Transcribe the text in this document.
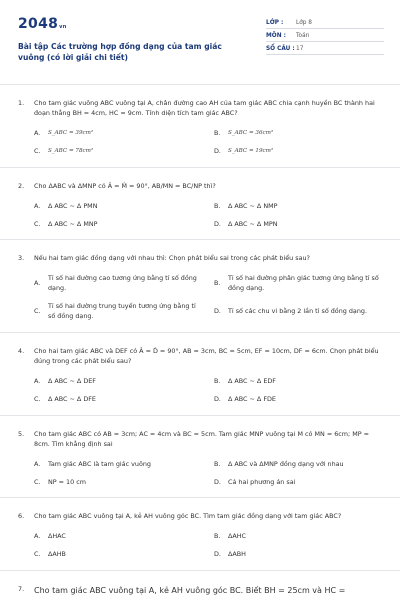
2048vn
Bài tập Các trường hợp đồng dạng của tam giác vuông (có lời giải chi tiết)
LỚP :	Lớp 8
MÔN :	Toán
SỐ CÂU : 17
1.	Cho tam giác vuông ABC vuông tại A, chân đường cao AH của tam giác ABC chia cạnh huyền BC thành hai đoạn thẳng BH = 4cm, HC = 9cm. Tính diện tích tam giác ABC?
A.	S_ABC = 39cm²	B.	S_ABC = 36cm²
C.	S_ABC = 78cm²	D.	S_ABC = 19cm²
2.	Cho ΔABC và ΔMNP có Â = M̂ = 90°, AB/MN = BC/NP thì?
A.	Δ ABC ~ Δ PMN	B.	Δ ABC ~ Δ NMP
C.	Δ ABC ~ Δ MNP	D.	Δ ABC ~ Δ MPN
3.	Nếu hai tam giác đồng dạng với nhau thì: Chọn phát biểu sai trong các phát biểu sau?
A.
Tỉ số hai đường cao tương ứng bằng tỉ số đồng dạng.
B.
Tỉ số hai đường phân giác tương ứng bằng tỉ số đồng dạng.
C.
Tỉ số hai đường trung tuyến tương ứng bằng tỉ số đồng dạng.
D.	Tỉ số các chu vi bằng 2 lần tỉ số đồng dạng.
4.	Cho hai tam giác ABC và DEF có Â = D̂ = 90°, AB = 3cm, BC = 5cm, EF = 10cm, DF = 6cm. Chọn phát biểu đúng trong các phát biểu sau?
A.	Δ ABC ~ Δ DEF	B.	Δ ABC ~ Δ EDF
C.	Δ ABC ~ Δ DFE	D.	Δ ABC ~ Δ FDE
5.	Cho tam giác ABC có AB = 3cm; AC = 4cm và BC = 5cm. Tam giác MNP vuông tại M có MN = 6cm; MP = 8cm. Tìm khẳng định sai
A.	Tam giác ABC là tam giác vuông	B.	Δ ABC và ΔMNP đồng dạng với nhau
C.	NP = 10 cm	D.	Cả hai phương án sai
6.	Cho tam giác ABC vuông tại A, kẻ AH vuông góc BC. Tìm tam giác đồng dạng với tam giác ABC?
A.	ΔHAC	B.	ΔAHC
C.	ΔAHB	D.	ΔABH
7.	Cho tam giác ABC vuông tại A, kẻ AH vuông góc BC. Biết BH = 25cm và HC =
